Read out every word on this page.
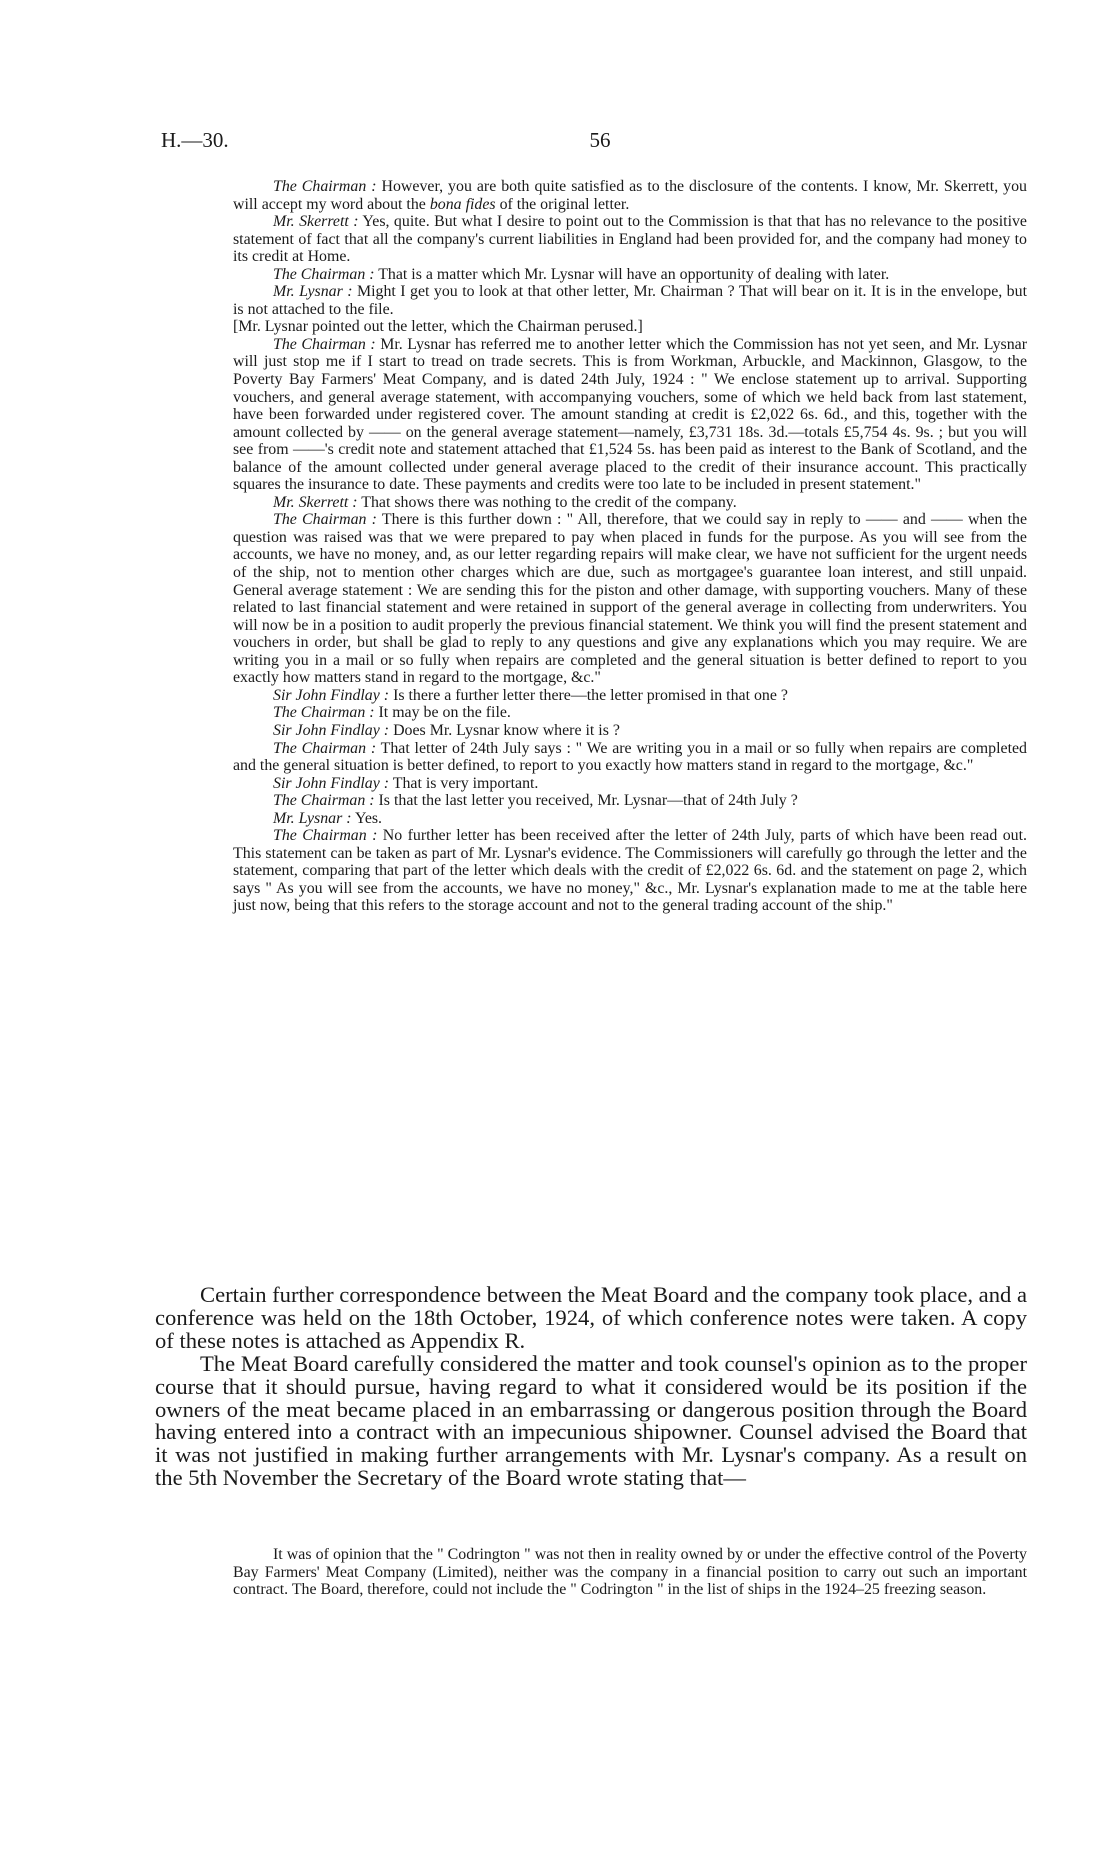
H.—30.	56

The Chairman : However, you are both quite satisfied as to the disclosure of the contents. I know, Mr. Skerrett, you will accept my word about the bona fides of the original letter.

Mr. Skerrett : Yes, quite. But what I desire to point out to the Commission is that that has no relevance to the positive statement of fact that all the company's current liabilities in England had been provided for, and the company had money to its credit at Home.

The Chairman : That is a matter which Mr. Lysnar will have an opportunity of dealing with later.

Mr. Lysnar : Might I get you to look at that other letter, Mr. Chairman ? That will bear on it. It is in the envelope, but is not attached to the file.

[Mr. Lysnar pointed out the letter, which the Chairman perused.]

The Chairman : Mr. Lysnar has referred me to another letter which the Commission has not yet seen, and Mr. Lysnar will just stop me if I start to tread on trade secrets. This is from Workman, Arbuckle, and Mackinnon, Glasgow, to the Poverty Bay Farmers' Meat Company, and is dated 24th July, 1924 : " We enclose statement up to arrival. Supporting vouchers, and general average statement, with accompanying vouchers, some of which we held back from last statement, have been forwarded under registered cover. The amount standing at credit is £2,022 6s. 6d., and this, together with the amount collected by —— on the general average statement—namely, £3,731 18s. 3d.—totals £5,754 4s. 9s. ; but you will see from ——'s credit note and statement attached that £1,524 5s. has been paid as interest to the Bank of Scotland, and the balance of the amount collected under general average placed to the credit of their insurance account. This practically squares the insurance to date. These payments and credits were too late to be included in present statement."

Mr. Skerrett : That shows there was nothing to the credit of the company.

The Chairman : There is this further down : " All, therefore, that we could say in reply to —— and —— when the question was raised was that we were prepared to pay when placed in funds for the purpose. As you will see from the accounts, we have no money, and, as our letter regarding repairs will make clear, we have not sufficient for the urgent needs of the ship, not to mention other charges which are due, such as mortgagee's guarantee loan interest, and still unpaid. General average statement : We are sending this for the piston and other damage, with supporting vouchers. Many of these related to last financial statement and were retained in support of the general average in collecting from underwriters. You will now be in a position to audit properly the previous financial statement. We think you will find the present statement and vouchers in order, but shall be glad to reply to any questions and give any explanations which you may require. We are writing you in a mail or so fully when repairs are completed and the general situation is better defined to report to you exactly how matters stand in regard to the mortgage, &c."

Sir John Findlay : Is there a further letter there—the letter promised in that one ?

The Chairman : It may be on the file.

Sir John Findlay : Does Mr. Lysnar know where it is ?

The Chairman : That letter of 24th July says : " We are writing you in a mail or so fully when repairs are completed and the general situation is better defined, to report to you exactly how matters stand in regard to the mortgage, &c."

Sir John Findlay : That is very important.

The Chairman : Is that the last letter you received, Mr. Lysnar—that of 24th July ?

Mr. Lysnar : Yes.

The Chairman : No further letter has been received after the letter of 24th July, parts of which have been read out. This statement can be taken as part of Mr. Lysnar's evidence. The Commissioners will carefully go through the letter and the statement, comparing that part of the letter which deals with the credit of £2,022 6s. 6d. and the statement on page 2, which says " As you will see from the accounts, we have no money," &c., Mr. Lysnar's explanation made to me at the table here just now, being that this refers to the storage account and not to the general trading account of the ship."

Certain further correspondence between the Meat Board and the company took place, and a conference was held on the 18th October, 1924, of which conference notes were taken. A copy of these notes is attached as Appendix R.

The Meat Board carefully considered the matter and took counsel's opinion as to the proper course that it should pursue, having regard to what it considered would be its position if the owners of the meat became placed in an embarrassing or dangerous position through the Board having entered into a contract with an impecunious shipowner. Counsel advised the Board that it was not justified in making further arrangements with Mr. Lysnar's company. As a result on the 5th November the Secretary of the Board wrote stating that—

It was of opinion that the " Codrington " was not then in reality owned by or under the effective control of the Poverty Bay Farmers' Meat Company (Limited), neither was the company in a financial position to carry out such an important contract. The Board, therefore, could not include the " Codrington " in the list of ships in the 1924–25 freezing season.
